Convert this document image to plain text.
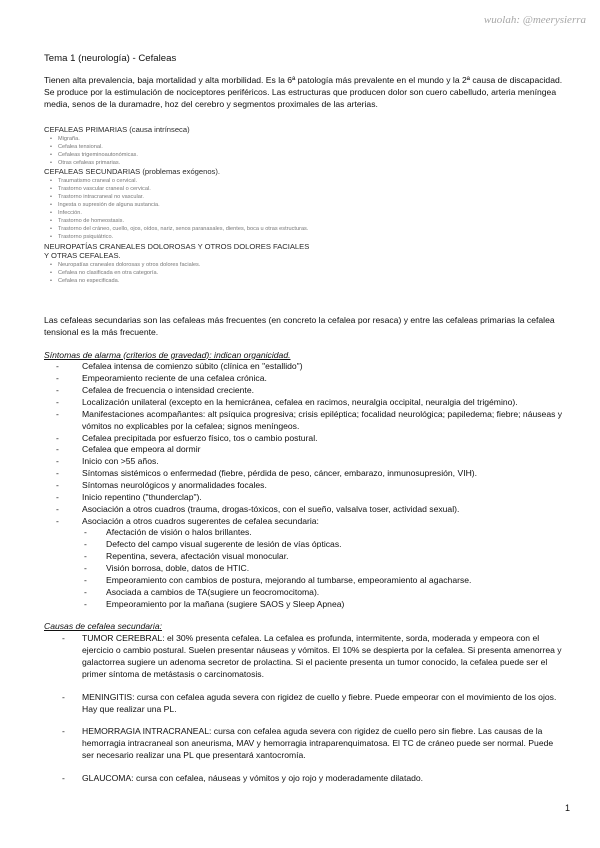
wuolah: @meerysierra

Tema 1 (neurología) - Cefaleas

Tienen alta prevalencia, baja mortalidad y alta morbilidad. Es la 6ª patología más prevalente en el mundo y la 2ª causa de discapacidad.

Se produce por la estimulación de nociceptores periféricos. Las estructuras que producen dolor son cuero cabelludo, arteria meníngea media, senos de la duramadre, hoz del cerebro y segmentos proximales de las arterias.

CEFALEAS PRIMARIAS (causa intrínseca)
• Migraña.
• Cefalea tensional.
• Cefaleas trigeminoautonómicas.
• Otras cefaleas primarias.
CEFALEAS SECUNDARIAS (problemas exógenos).
• Traumatismo craneal o cervical.
• Trastorno vascular craneal o cervical.
• Trastorno intracraneal no vascular.
• Ingesta o supresión de alguna sustancia.
• Infección.
• Trastorno de homeostasis.
• Trastorno del cráneo, cuello, ojos, oídos, nariz, senos paranasales, dientes, boca u otras estructuras.
• Trastorno psiquiátrico.
NEUROPATÍAS CRANEALES DOLOROSAS Y OTROS DOLORES FACIALES Y OTRAS CEFALEAS.
• Neuropatías craneales dolorosas y otros dolores faciales.
• Cefalea no clasificada en otra categoría.
• Cefalea no especificada.

Las cefaleas secundarias son las cefaleas más frecuentes (en concreto la cefalea por resaca) y entre las cefaleas primarias la cefalea tensional es la más frecuente.

Síntomas de alarma (criterios de gravedad): indican organicidad.

- Cefalea intensa de comienzo súbito (clínica en "estallido")
- Empeoramiento reciente de una cefalea crónica.
- Cefalea de frecuencia o intensidad creciente.
- Localización unilateral (excepto en la hemicránea, cefalea en racimos, neuralgia occipital, neuralgia del trigémino).
- Manifestaciones acompañantes: alt psíquica progresiva; crisis epiléptica; focalidad neurológica; papiledema; fiebre; náuseas y vómitos no explicables por la cefalea; signos meníngeos.
- Cefalea precipitada por esfuerzo físico, tos o cambio postural.
- Cefalea que empeora al dormir
- Inicio con >55 años.
- Síntomas sistémicos o enfermedad (fiebre, pérdida de peso, cáncer, embarazo, inmunosupresión, VIH).
- Síntomas neurológicos y anormalidades focales.
- Inicio repentino ("thunderclap").
- Asociación a otros cuadros (trauma, drogas-tóxicos, con el sueño, valsalva toser, actividad sexual).
- Asociación a otros cuadros sugerentes de cefalea secundaria:
- Afectación de visión o halos brillantes.
- Defecto del campo visual sugerente de lesión de vías ópticas.
- Repentina, severa, afectación visual monocular.
- Visión borrosa, doble, datos de HTIC.
- Empeoramiento con cambios de postura, mejorando al tumbarse, empeoramiento al agacharse.
- Asociada a cambios de TA(sugiere un feocromocitoma).
- Empeoramiento por la mañana (sugiere SAOS y Sleep Apnea)

Causas de cefalea secundaria:

- TUMOR CEREBRAL: el 30% presenta cefalea. La cefalea es profunda, intermitente, sorda, moderada y empeora con el ejercicio o cambio postural. Suelen presentar náuseas y vómitos. El 10% se despierta por la cefalea. Si presenta amenorrea y galactorrea sugiere un adenoma secretor de prolactina. Si el paciente presenta un tumor conocido, la cefalea puede ser el primer síntoma de metástasis o carcinomatosis.
- MENINGITIS: cursa con cefalea aguda severa con rigidez de cuello y fiebre. Puede empeorar con el movimiento de los ojos. Hay que realizar una PL.
- HEMORRAGIA INTRACRANEAL: cursa con cefalea aguda severa con rigidez de cuello pero sin fiebre. Las causas de la hemorragia intracraneal son aneurisma, MAV y hemorragia intraparenquimatosa. El TC de cráneo puede ser normal. Puede ser necesario realizar una PL que presentará xantocromía.
- GLAUCOMA: cursa con cefalea, náuseas y vómitos y ojo rojo y moderadamente dilatado.
1
